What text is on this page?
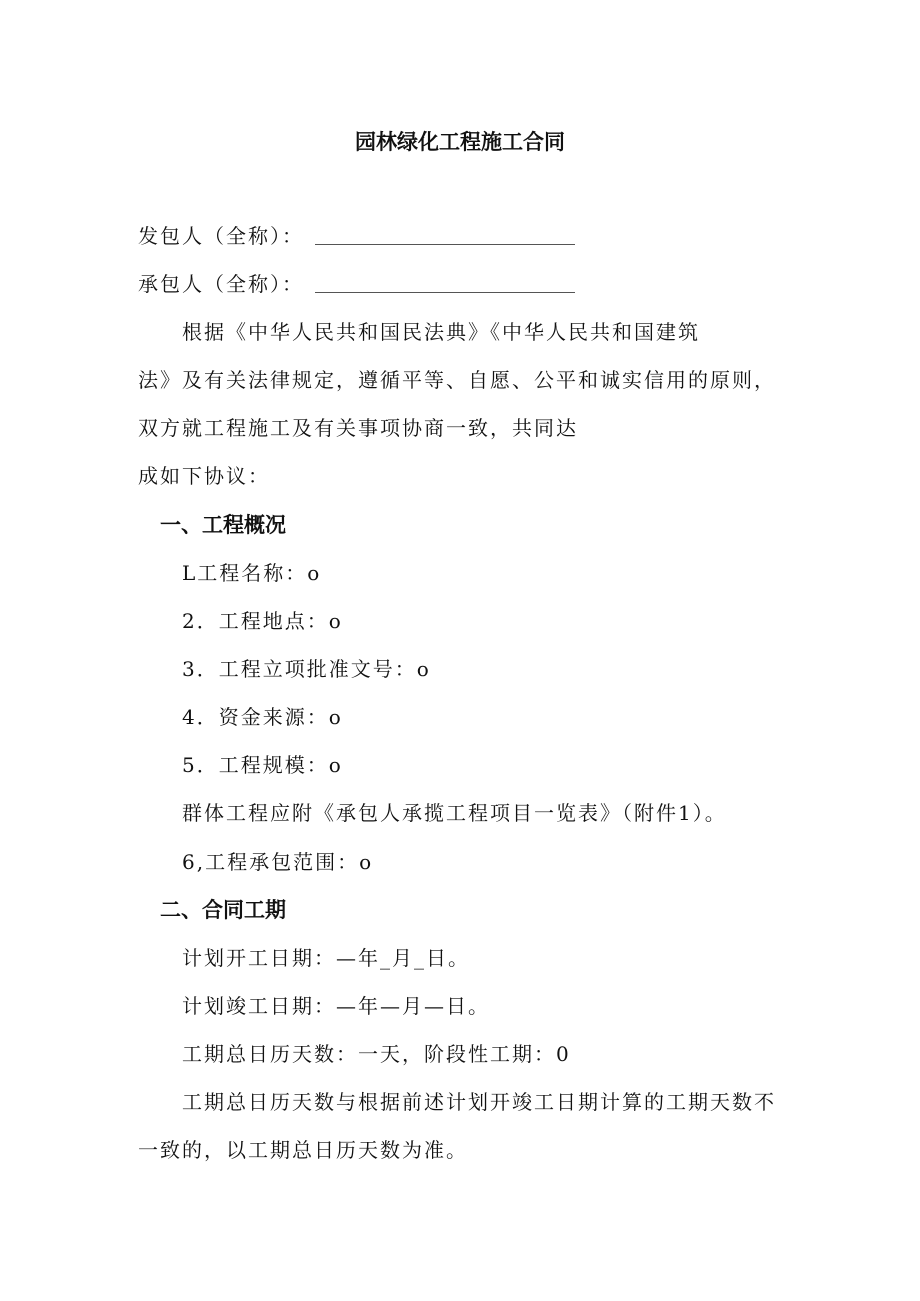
园林绿化工程施工合同
发包人（全称）：
承包人（全称）：
根据《中华人民共和国民法典》《中华人民共和国建筑
法》及有关法律规定，遵循平等、自愿、公平和诚实信用的原则，
双方就工程施工及有关事项协商一致，共同达
成如下协议：
一、工程概况
L工程名称：o
2．工程地点：o
3．工程立项批准文号：o
4．资金来源：o
5．工程规模：o
群体工程应附《承包人承揽工程项目一览表》（附件1）。
6,工程承包范围：o
二、合同工期
计划开工日期：—年_月_日。
计划竣工日期：—年—月—日。
工期总日历天数：一天，阶段性工期：0
工期总日历天数与根据前述计划开竣工日期计算的工期天数不
一致的，以工期总日历天数为准。
